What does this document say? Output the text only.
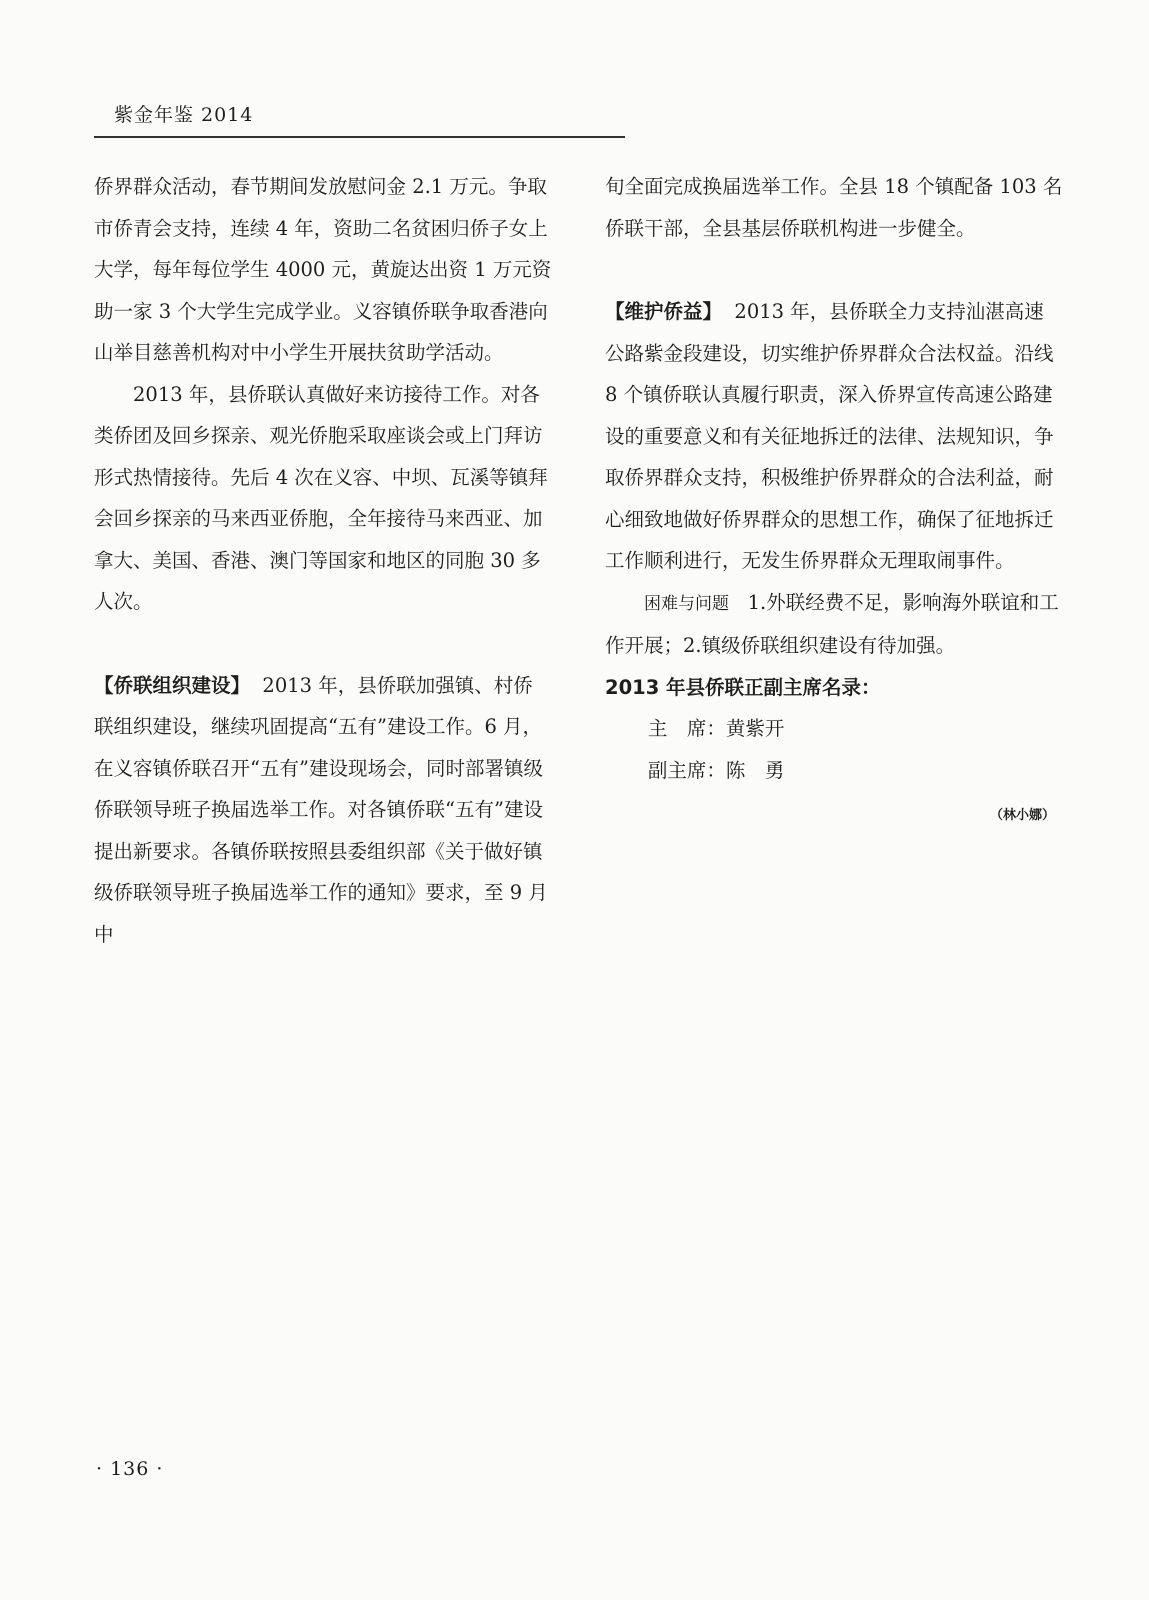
紫金年鉴 2014

侨界群众活动，春节期间发放慰问金 2.1 万元。争取市侨青会支持，连续 4 年，资助二名贫困归侨子女上大学，每年每位学生 4000 元，黄旋达出资 1 万元资助一家 3 个大学生完成学业。义容镇侨联争取香港向山举目慈善机构对中小学生开展扶贫助学活动。

2013 年，县侨联认真做好来访接待工作。对各类侨团及回乡探亲、观光侨胞采取座谈会或上门拜访形式热情接待。先后 4 次在义容、中坝、瓦溪等镇拜会回乡探亲的马来西亚侨胞，全年接待马来西亚、加拿大、美国、香港、澳门等国家和地区的同胞 30 多人次。

【侨联组织建设】 2013 年，县侨联加强镇、村侨联组织建设，继续巩固提高“五有”建设工作。6 月，在义容镇侨联召开“五有”建设现场会，同时部署镇级侨联领导班子换届选举工作。对各镇侨联“五有”建设提出新要求。各镇侨联按照县委组织部《关于做好镇级侨联领导班子换届选举工作的通知》要求，至 9 月中

旬全面完成换届选举工作。全县 18 个镇配备 103 名侨联干部，全县基层侨联机构进一步健全。

【维护侨益】 2013 年，县侨联全力支持汕湛高速公路紫金段建设，切实维护侨界群众合法权益。沿线 8 个镇侨联认真履行职责，深入侨界宣传高速公路建设的重要意义和有关征地拆迁的法律、法规知识，争取侨界群众支持，积极维护侨界群众的合法利益，耐心细致地做好侨界群众的思想工作，确保了征地拆迁工作顺利进行，无发生侨界群众无理取闹事件。

困难与问题 1.外联经费不足，影响海外联谊和工作开展；2.镇级侨联组织建设有待加强。

2013 年县侨联正副主席名录：

主　席：黄紫开

副主席：陈　勇

（林小娜）
· 136 ·
